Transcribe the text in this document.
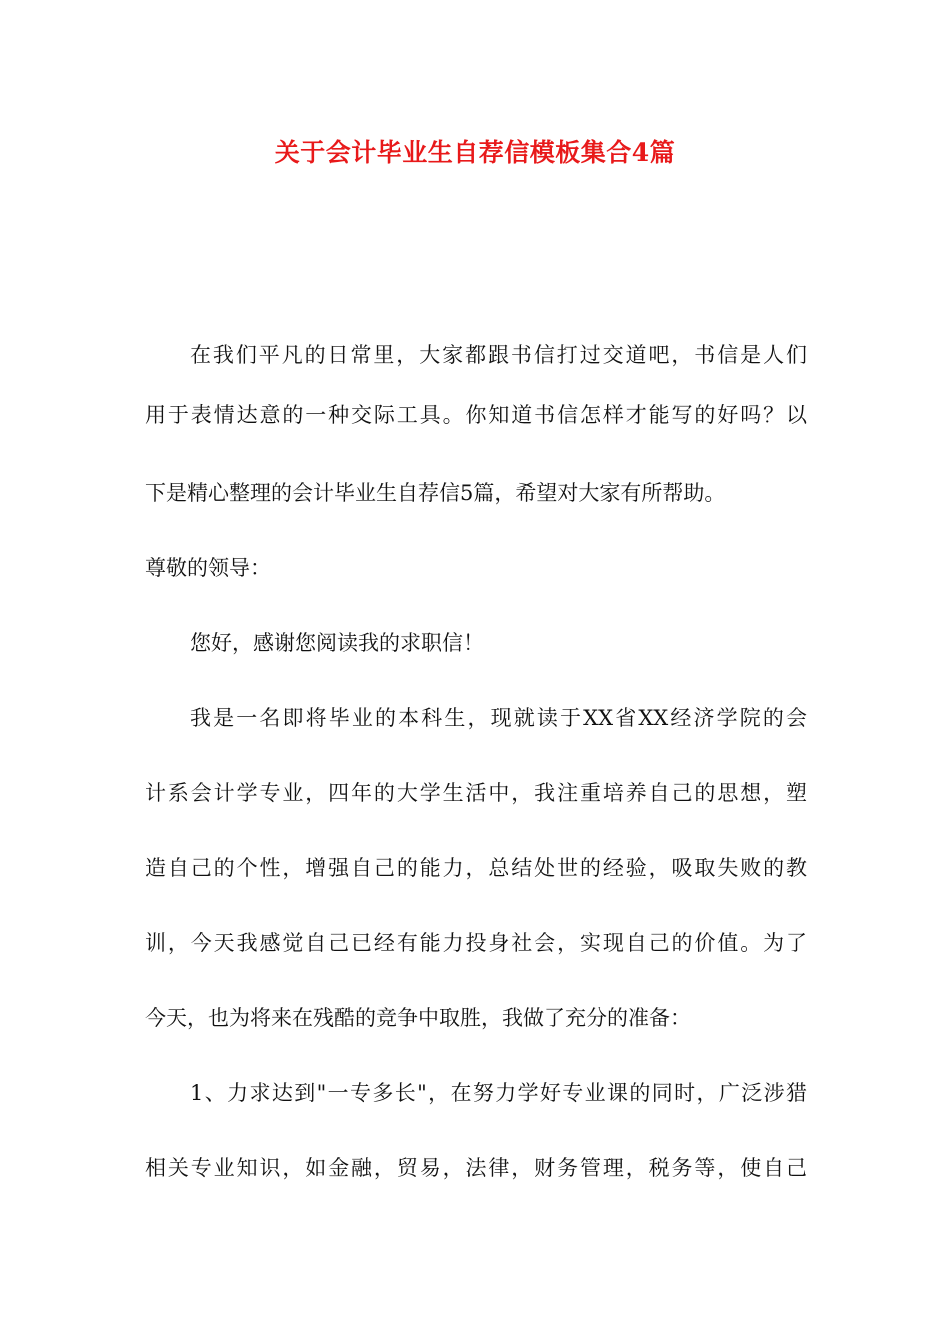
关于会计毕业生自荐信模板集合4篇
在我们平凡的日常里，大家都跟书信打过交道吧，书信是人们
用于表情达意的一种交际工具。你知道书信怎样才能写的好吗？以
下是精心整理的会计毕业生自荐信5篇，希望对大家有所帮助。
尊敬的领导：
您好，感谢您阅读我的求职信！
我是一名即将毕业的本科生，现就读于XX省XX经济学院的会
计系会计学专业，四年的大学生活中，我注重培养自己的思想，塑
造自己的个性，增强自己的能力，总结处世的经验，吸取失败的教
训，今天我感觉自己已经有能力投身社会，实现自己的价值。为了
今天，也为将来在残酷的竞争中取胜，我做了充分的准备：
1、力求达到"一专多长"，在努力学好专业课的同时，广泛涉猎
相关专业知识，如金融，贸易，法律，财务管理，税务等，使自己
